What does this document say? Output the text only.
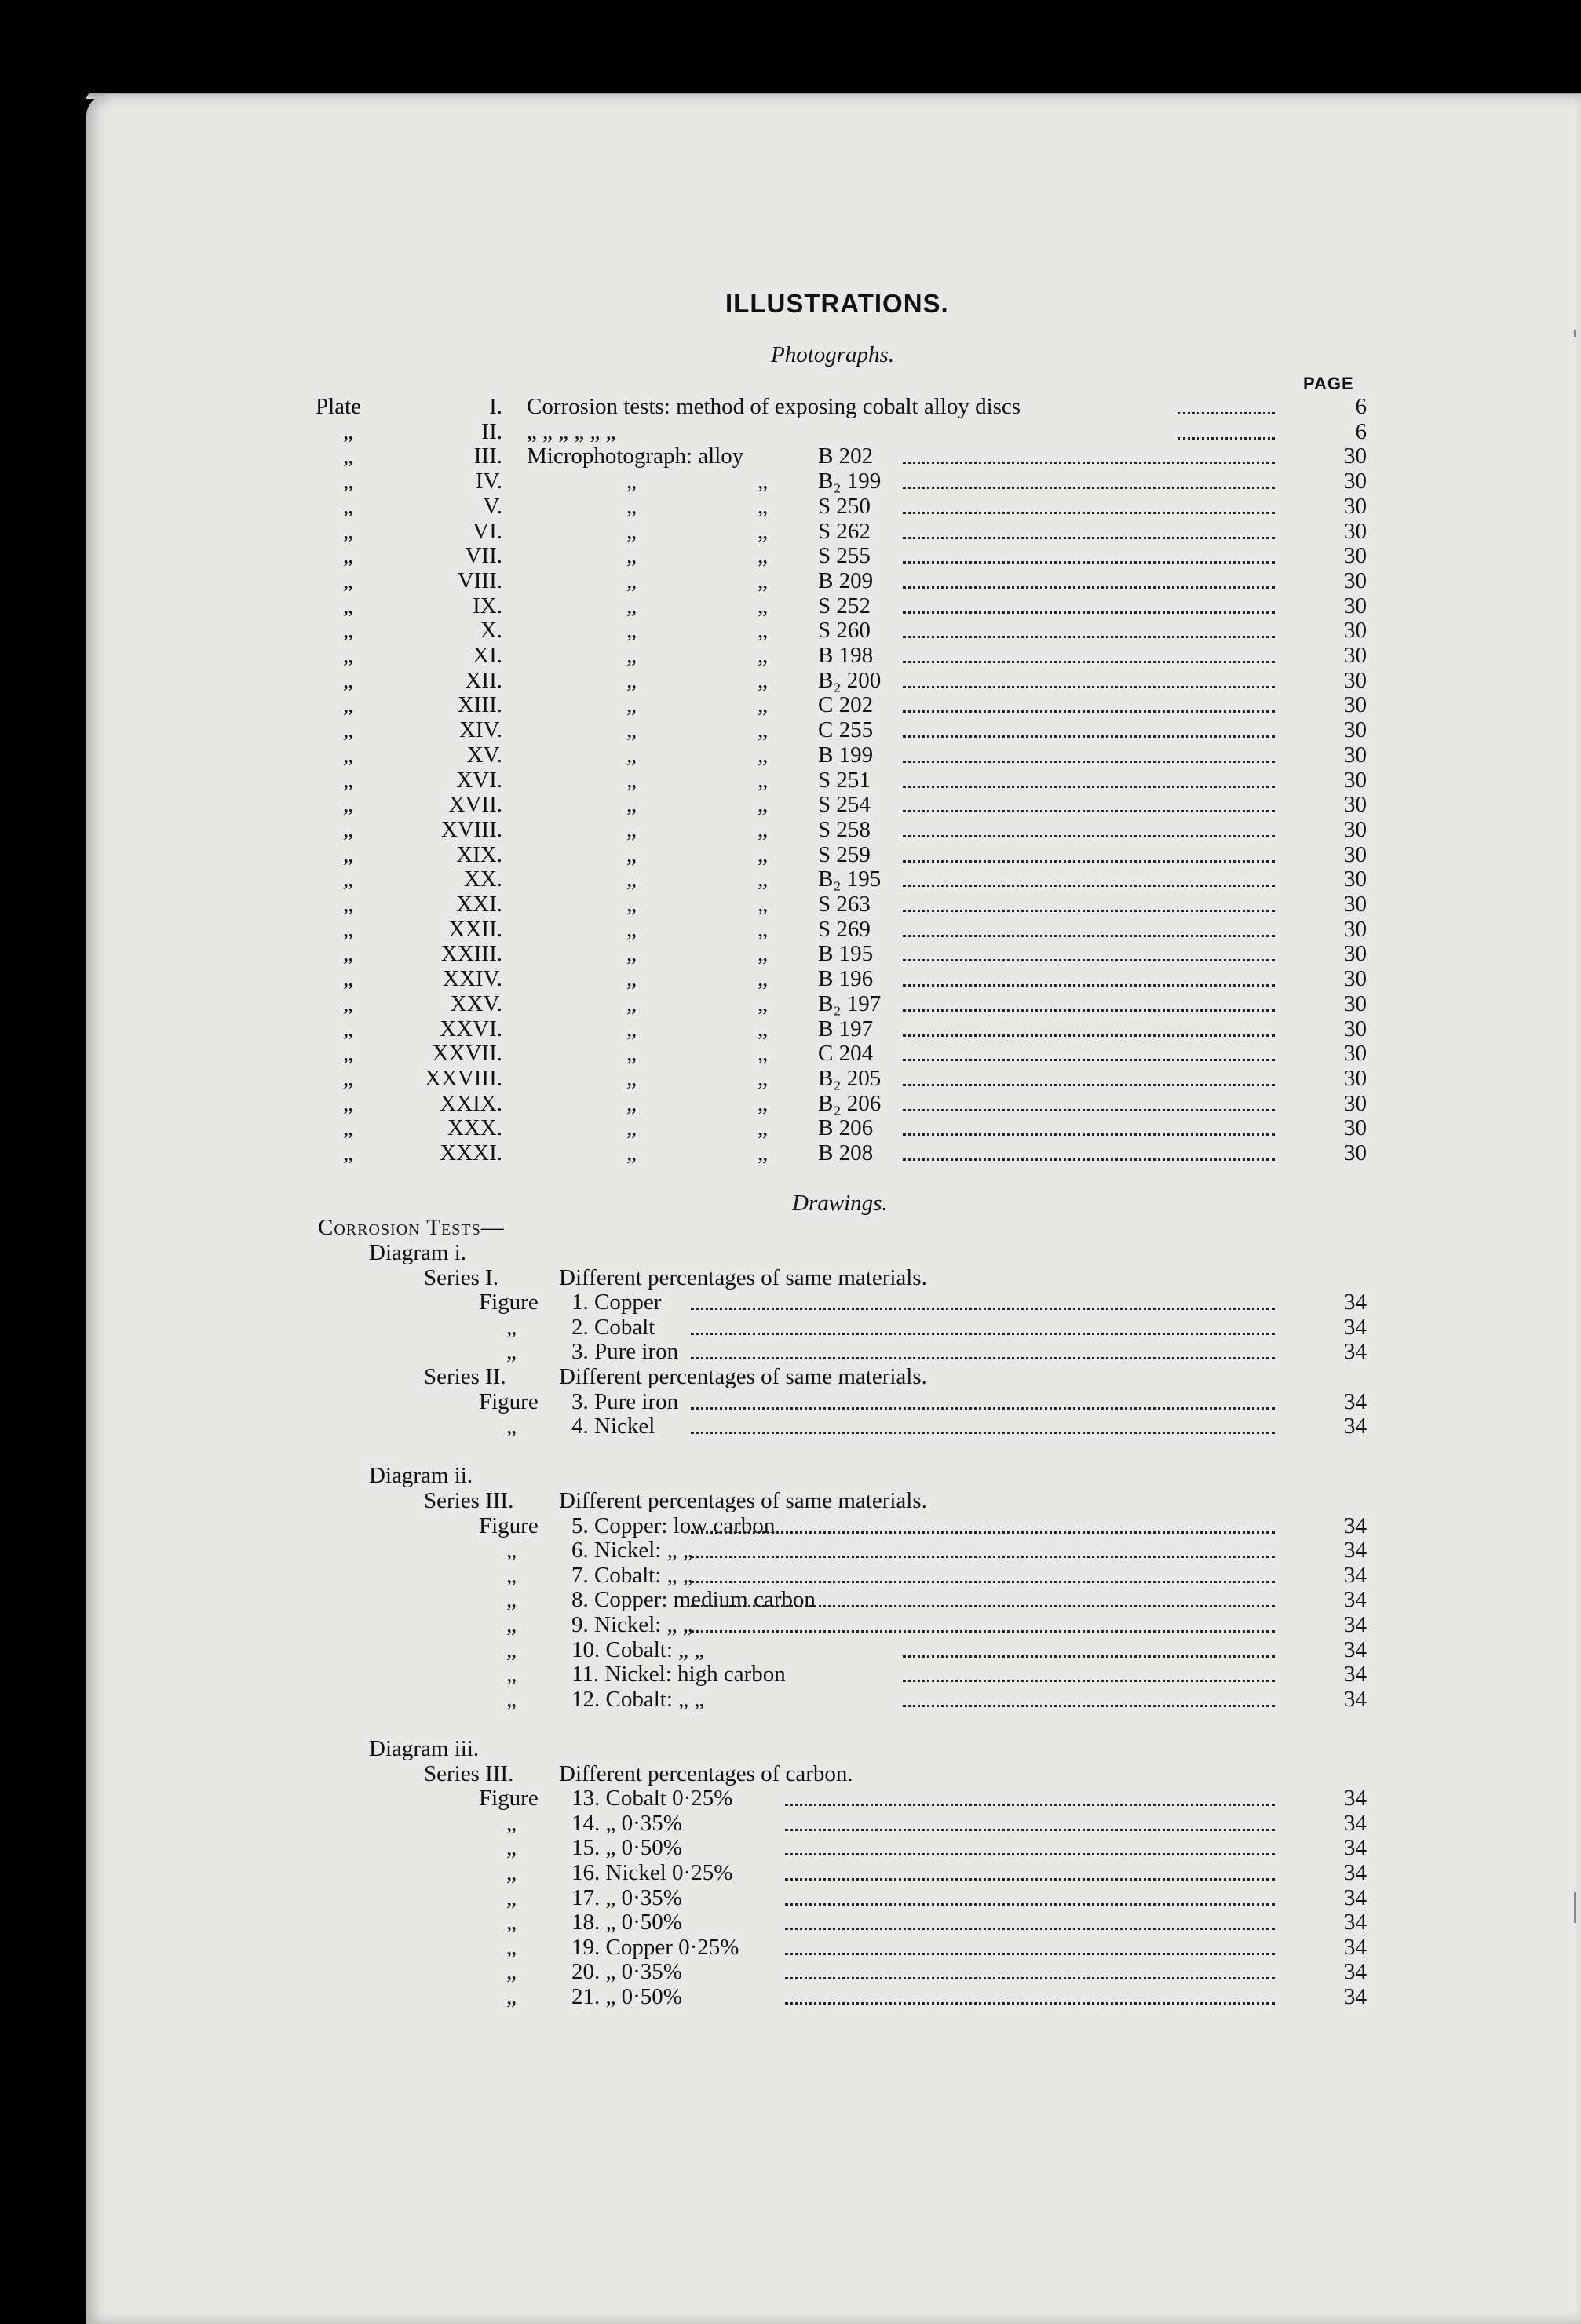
ILLUSTRATIONS.
Photographs.
PAGE
Plate	I. Corrosion tests: method of exposing cobalt alloy discs	6
„	II. „ „ „ „ „ „	6
„	III. Microphotograph: alloy	B 202	30
„	IV.	„	„ B₂ 199	30
„	V.	„	„ S 250	30
„	VI.	„	„ S 262	30
„	VII.	„	„ S 255	30
„	VIII.	„	„ B 209	30
„	IX.	„	„ S 252	30
„	X.	„	„ S 260	30
„	XI.	„	„ B 198	30
„	XII.	„	„ B₂ 200	30
„	XIII.	„	„ C 202	30
„	XIV.	„	„ C 255	30
„	XV.	„	„ B 199	30
„	XVI.	„	„ S 251	30
„	XVII.	„	„ S 254	30
„	XVIII.	„	„ S 258	30
„	XIX.	„	„ S 259	30
„	XX.	„	„ B₂ 195	30
„	XXI.	„	„ S 263	30
„	XXII.	„	„ S 269	30
„	XXIII.	„	„ B 195	30
„	XXIV.	„	„ B 196	30
„	XXV.	„	„ B₂ 197	30
„	XXVI.	„	„ B 197	30
„	XXVII.	„	„ C 204	30
„	XXVIII.	„	„ B₂ 205	30
„	XXIX.	„	„ B₂ 206	30
„	XXX.	„	„ B 206	30
„	XXXI.	„	„ B 208	30
Drawings.
Corrosion Tests—
Diagram i.
Series I.	Different percentages of same materials.
Figure 1. Copper	34
„ 2. Cobalt	34
„ 3. Pure iron	34
Series II. Different percentages of same materials.
Figure 3. Pure iron	34
„ 4. Nickel	34
Diagram ii.
Series III. Different percentages of same materials.
Figure 5. Copper: low carbon	34
„ 6. Nickel: „ „	34
„ 7. Cobalt: „ „	34
„ 8. Copper: medium carbon	34
„ 9. Nickel: „ „	34
„ 10. Cobalt: „ „	34
„ 11. Nickel: high carbon	34
„ 12. Cobalt: „ „	34
Diagram iii.
Series III. Different percentages of carbon.
Figure 13. Cobalt 0·25%	34
„ 14. „ 0·35%	34
„ 15. „ 0·50%	34
„ 16. Nickel 0·25%	34
„ 17. „ 0·35%	34
„ 18. „ 0·50%	34
„ 19. Copper 0·25%	34
„ 20. „ 0·35%	34
„ 21. „ 0·50%	34
